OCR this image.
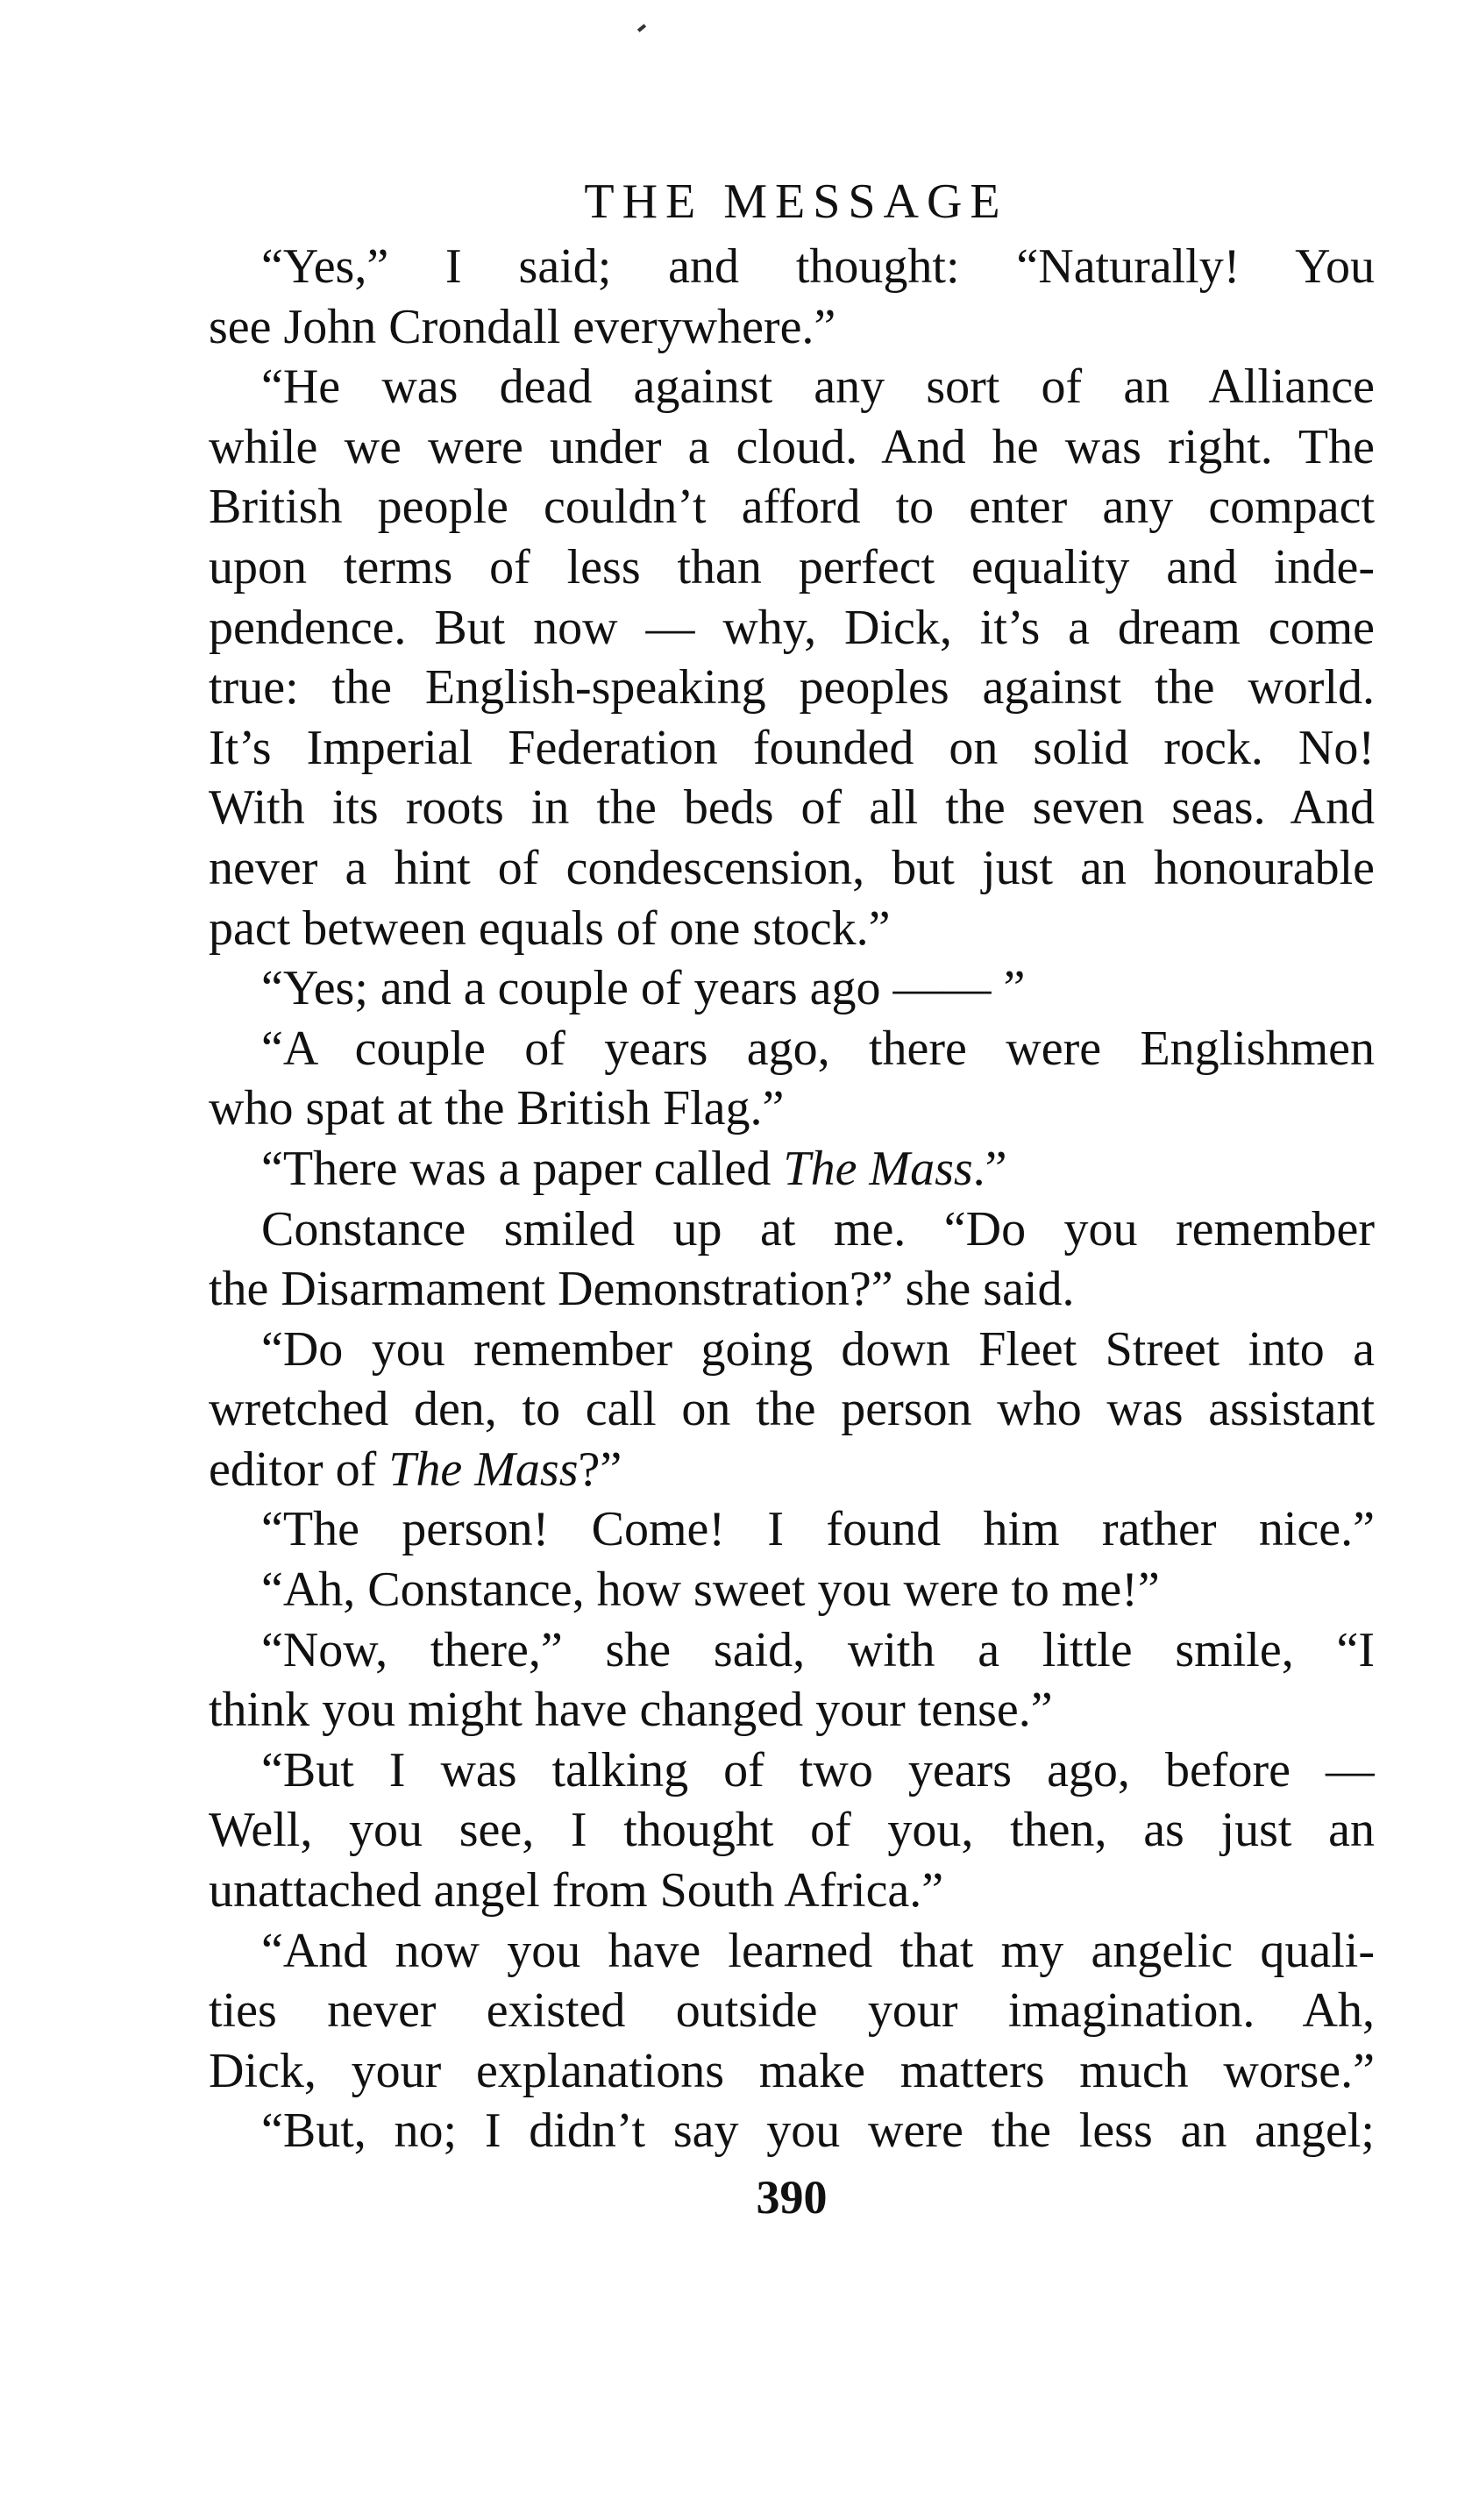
THE MESSAGE
“Yes,” I said; and thought: “Naturally! You
see John Crondall everywhere.”
“He was dead against any sort of an Alliance
while we were under a cloud. And he was right. The
British people couldn’t afford to enter any compact
upon terms of less than perfect equality and inde-
pendence. But now — why, Dick, it’s a dream come
true: the English-speaking peoples against the world.
It’s Imperial Federation founded on solid rock. No!
With its roots in the beds of all the seven seas. And
never a hint of condescension, but just an honourable
pact between equals of one stock.”
“Yes; and a couple of years ago —— ”
“A couple of years ago, there were Englishmen
who spat at the British Flag.”
“There was a paper called The Mass.”
Constance smiled up at me. “Do you remember
the Disarmament Demonstration?” she said.
“Do you remember going down Fleet Street into a
wretched den, to call on the person who was assistant
editor of The Mass?”
“The person! Come! I found him rather nice.”
“Ah, Constance, how sweet you were to me!”
“Now, there,” she said, with a little smile, “I
think you might have changed your tense.”
“But I was talking of two years ago, before —
Well, you see, I thought of you, then, as just an
unattached angel from South Africa.”
“And now you have learned that my angelic quali-
ties never existed outside your imagination. Ah,
Dick, your explanations make matters much worse.”
“But, no; I didn’t say you were the less an angel;
390
